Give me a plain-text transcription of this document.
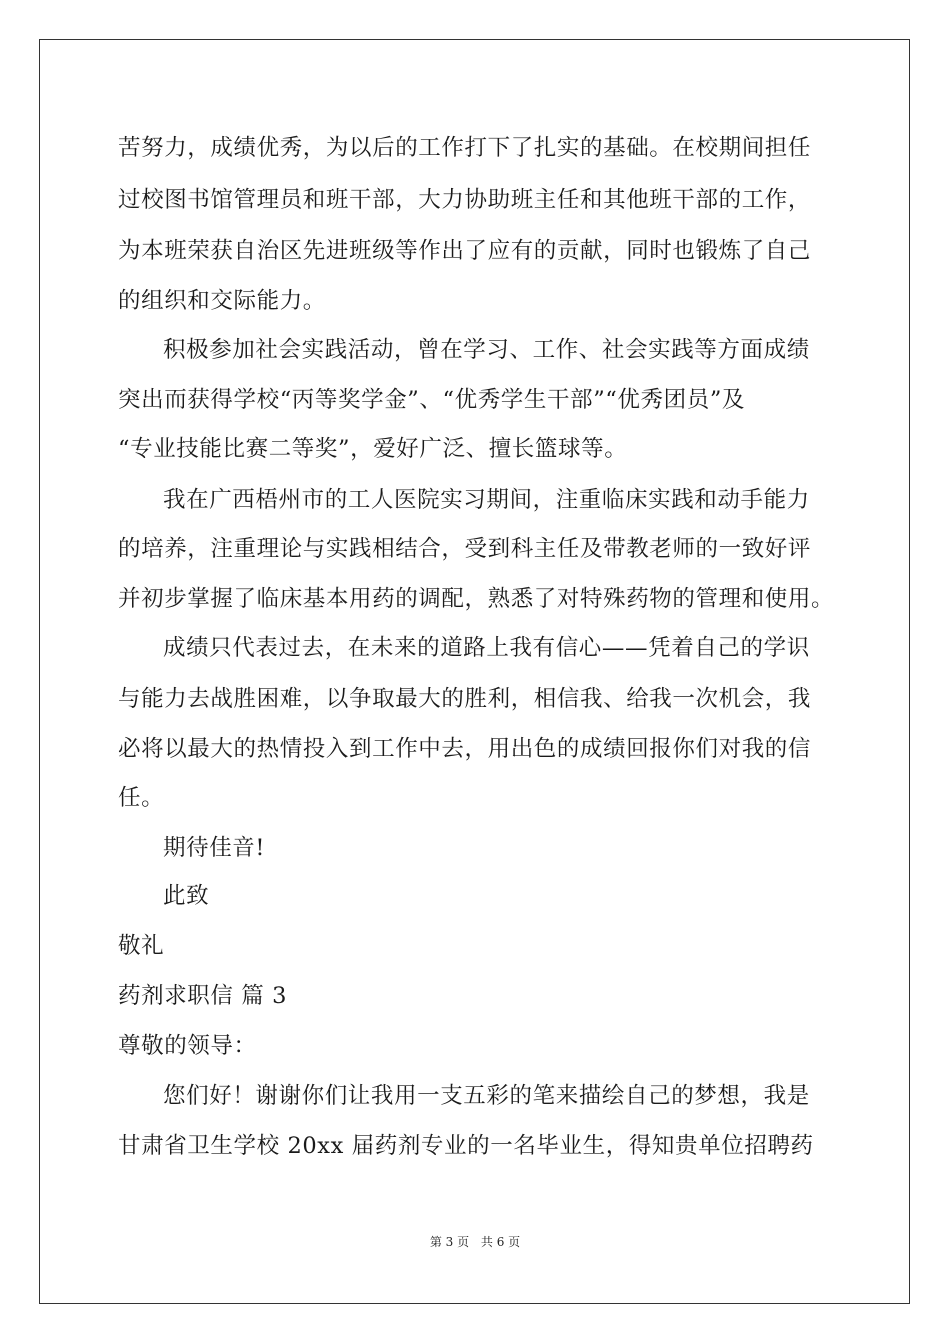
苦努力，成绩优秀，为以后的工作打下了扎实的基础。在校期间担任
过校图书馆管理员和班干部，大力协助班主任和其他班干部的工作，
为本班荣获自治区先进班级等作出了应有的贡献，同时也锻炼了自己
的组织和交际能力。
积极参加社会实践活动，曾在学习、工作、社会实践等方面成绩
突出而获得学校“丙等奖学金”、“优秀学生干部”“优秀团员”及
“专业技能比赛二等奖”，爱好广泛、擅长篮球等。
我在广西梧州市的工人医院实习期间，注重临床实践和动手能力
的培养，注重理论与实践相结合，受到科主任及带教老师的一致好评
并初步掌握了临床基本用药的调配，熟悉了对特殊药物的管理和使用。
成绩只代表过去，在未来的道路上我有信心——凭着自己的学识
与能力去战胜困难，以争取最大的胜利，相信我、给我一次机会，我
必将以最大的热情投入到工作中去，用出色的成绩回报你们对我的信
任。
期待佳音!
此致
敬礼
药剂求职信 篇 3
尊敬的领导：
您们好！谢谢你们让我用一支五彩的笔来描绘自己的梦想，我是
甘肃省卫生学校 20xx 届药剂专业的一名毕业生，得知贵单位招聘药
第 3 页 共 6 页
